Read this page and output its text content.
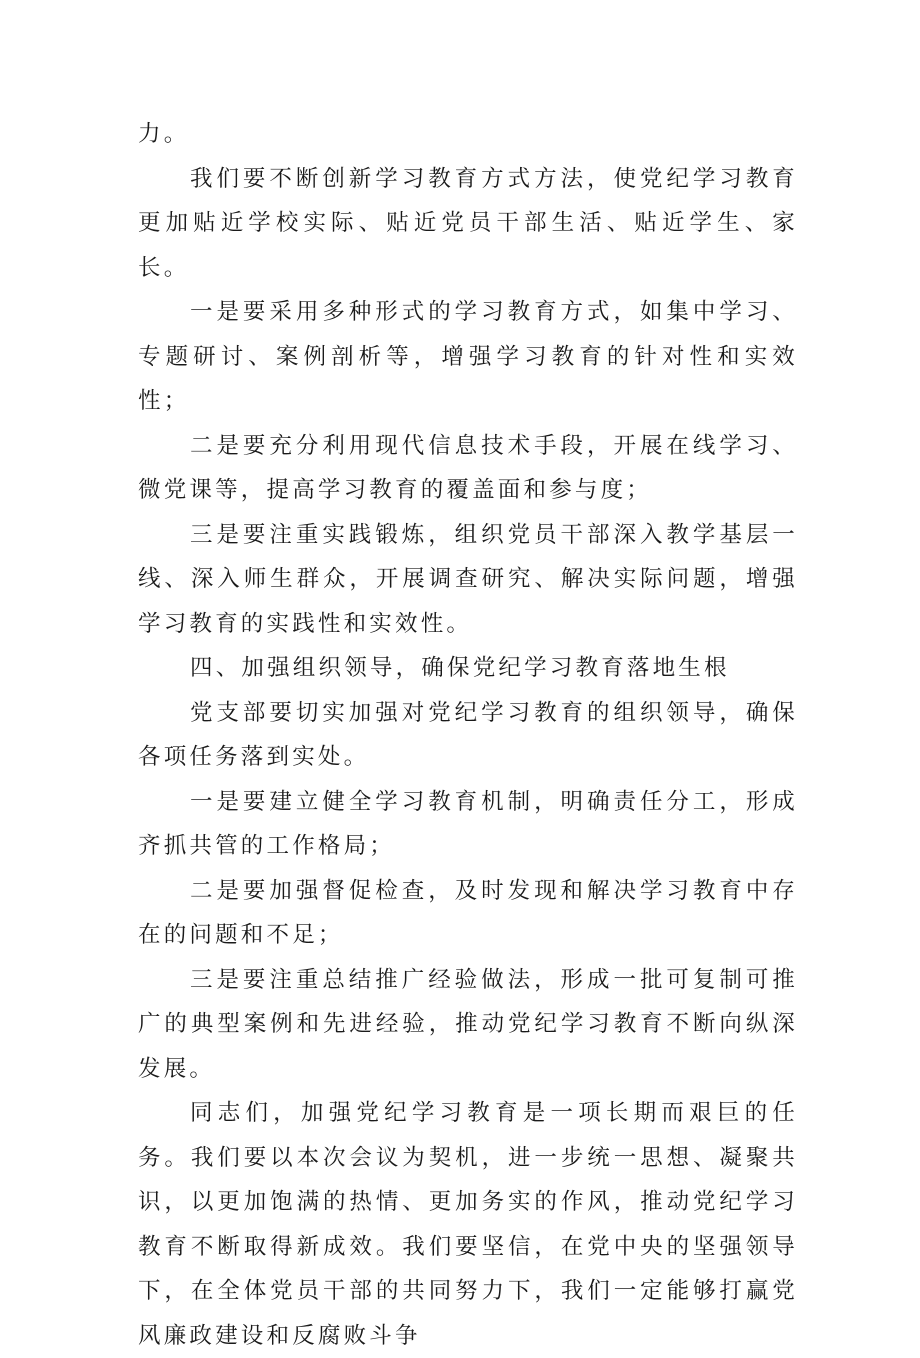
力。

我们要不断创新学习教育方式方法，使党纪学习教育更加贴近学校实际、贴近党员干部生活、贴近学生、家长。

一是要采用多种形式的学习教育方式，如集中学习、专题研讨、案例剖析等，增强学习教育的针对性和实效性；

二是要充分利用现代信息技术手段，开展在线学习、微党课等，提高学习教育的覆盖面和参与度；

三是要注重实践锻炼，组织党员干部深入教学基层一线、深入师生群众，开展调查研究、解决实际问题，增强学习教育的实践性和实效性。

四、加强组织领导，确保党纪学习教育落地生根

党支部要切实加强对党纪学习教育的组织领导，确保各项任务落到实处。

一是要建立健全学习教育机制，明确责任分工，形成齐抓共管的工作格局；

二是要加强督促检查，及时发现和解决学习教育中存在的问题和不足；

三是要注重总结推广经验做法，形成一批可复制可推广的典型案例和先进经验，推动党纪学习教育不断向纵深发展。

同志们，加强党纪学习教育是一项长期而艰巨的任务。我们要以本次会议为契机，进一步统一思想、凝聚共识，以更加饱满的热情、更加务实的作风，推动党纪学习教育不断取得新成效。我们要坚信，在党中央的坚强领导下，在全体党员干部的共同努力下，我们一定能够打赢党风廉政建设和反腐败斗争
